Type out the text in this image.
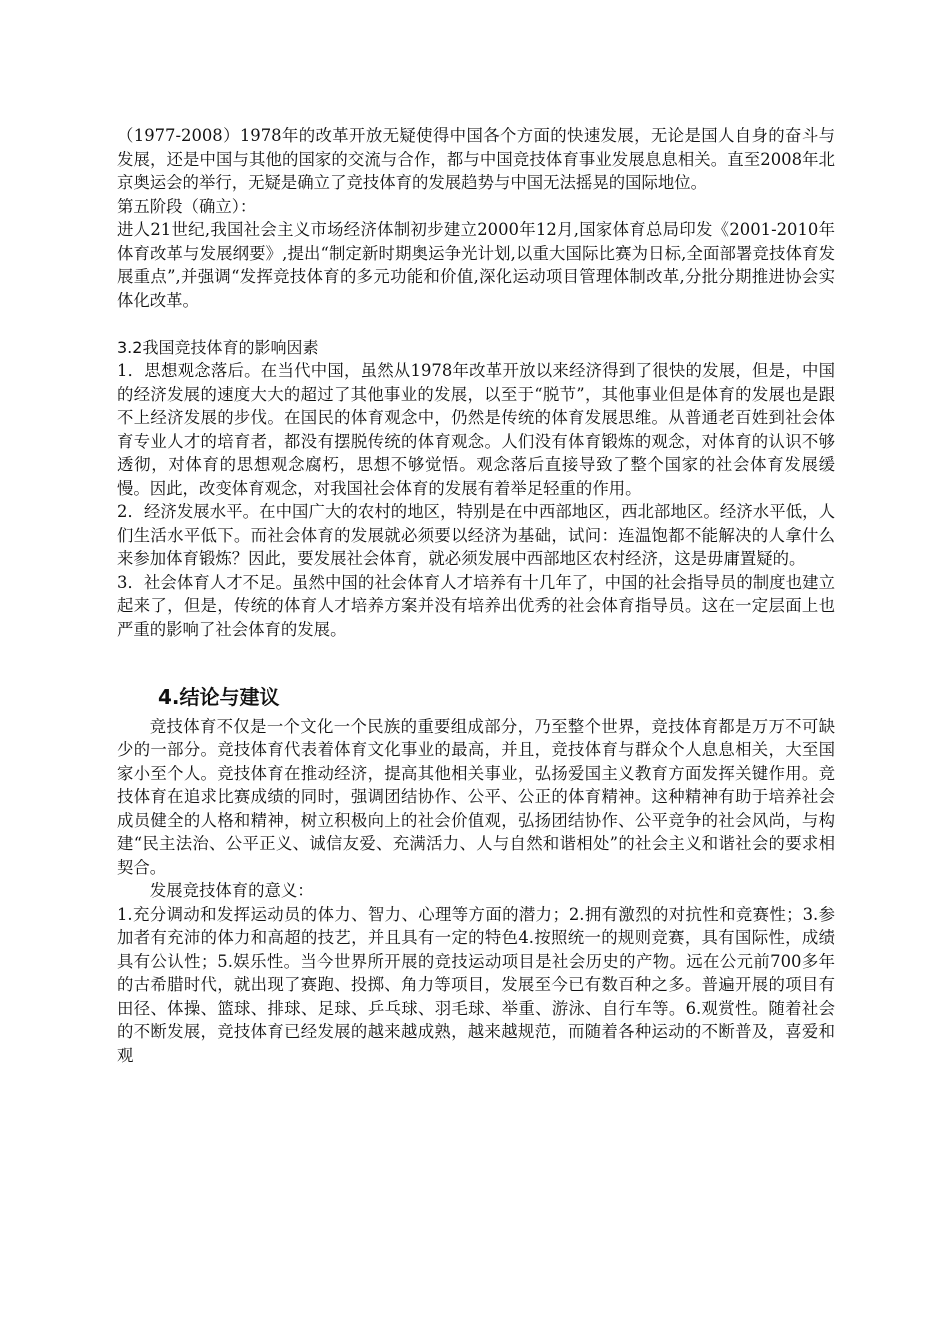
（1977-2008）1978年的改革开放无疑使得中国各个方面的快速发展，无论是国人自身的奋斗与发展，还是中国与其他的国家的交流与合作，都与中国竞技体育事业发展息息相关。直至2008年北京奥运会的举行，无疑是确立了竞技体育的发展趋势与中国无法摇晃的国际地位。

第五阶段（确立）：

进人21世纪,我国社会主义市场经济体制初步建立2000年12月,国家体育总局印发《2001-2010年体育改革与发展纲要》,提出“制定新时期奥运争光计划,以重大国际比赛为日标,全面部署竞技体育发展重点”,并强调“发挥竞技体育的多元功能和价值,深化运动项目管理体制改革,分批分期推进协会实体化改革。

3.2我国竞技体育的影响因素

1．思想观念落后。在当代中国，虽然从1978年改革开放以来经济得到了很快的发展，但是，中国的经济发展的速度大大的超过了其他事业的发展，以至于“脱节”，其他事业但是体育的发展也是跟不上经济发展的步伐。在国民的体育观念中，仍然是传统的体育发展思维。从普通老百姓到社会体育专业人才的培育者，都没有摆脱传统的体育观念。人们没有体育锻炼的观念，对体育的认识不够透彻，对体育的思想观念腐朽，思想不够觉悟。观念落后直接导致了整个国家的社会体育发展缓慢。因此，改变体育观念，对我国社会体育的发展有着举足轻重的作用。

2．经济发展水平。在中国广大的农村的地区，特别是在中西部地区，西北部地区。经济水平低，人们生活水平低下。而社会体育的发展就必须要以经济为基础，试问：连温饱都不能解决的人拿什么来参加体育锻炼？因此，要发展社会体育，就必须发展中西部地区农村经济，这是毋庸置疑的。

3．社会体育人才不足。虽然中国的社会体育人才培养有十几年了，中国的社会指导员的制度也建立起来了，但是，传统的体育人才培养方案并没有培养出优秀的社会体育指导员。这在一定层面上也严重的影响了社会体育的发展。

4.结论与建议

竞技体育不仅是一个文化一个民族的重要组成部分，乃至整个世界，竞技体育都是万万不可缺少的一部分。竞技体育代表着体育文化事业的最高，并且，竞技体育与群众个人息息相关，大至国家小至个人。竞技体育在推动经济，提高其他相关事业，弘扬爱国主义教育方面发挥关键作用。竞技体育在追求比赛成绩的同时，强调团结协作、公平、公正的体育精神。这种精神有助于培养社会成员健全的人格和精神，树立积极向上的社会价值观，弘扬团结协作、公平竞争的社会风尚，与构建“民主法治、公平正义、诚信友爱、充满活力、人与自然和谐相处”的社会主义和谐社会的要求相契合。

发展竞技体育的意义：

1.充分调动和发挥运动员的体力、智力、心理等方面的潜力；2.拥有激烈的对抗性和竞赛性；3.参加者有充沛的体力和高超的技艺，并且具有一定的特色4.按照统一的规则竞赛，具有国际性，成绩具有公认性；5.娱乐性。当今世界所开展的竞技运动项目是社会历史的产物。远在公元前700多年的古希腊时代，就出现了赛跑、投掷、角力等项目，发展至今已有数百种之多。普遍开展的项目有田径、体操、篮球、排球、足球、乒乓球、羽毛球、举重、游泳、自行车等。6.观赏性。随着社会的不断发展，竞技体育已经发展的越来越成熟，越来越规范，而随着各种运动的不断普及，喜爱和观
